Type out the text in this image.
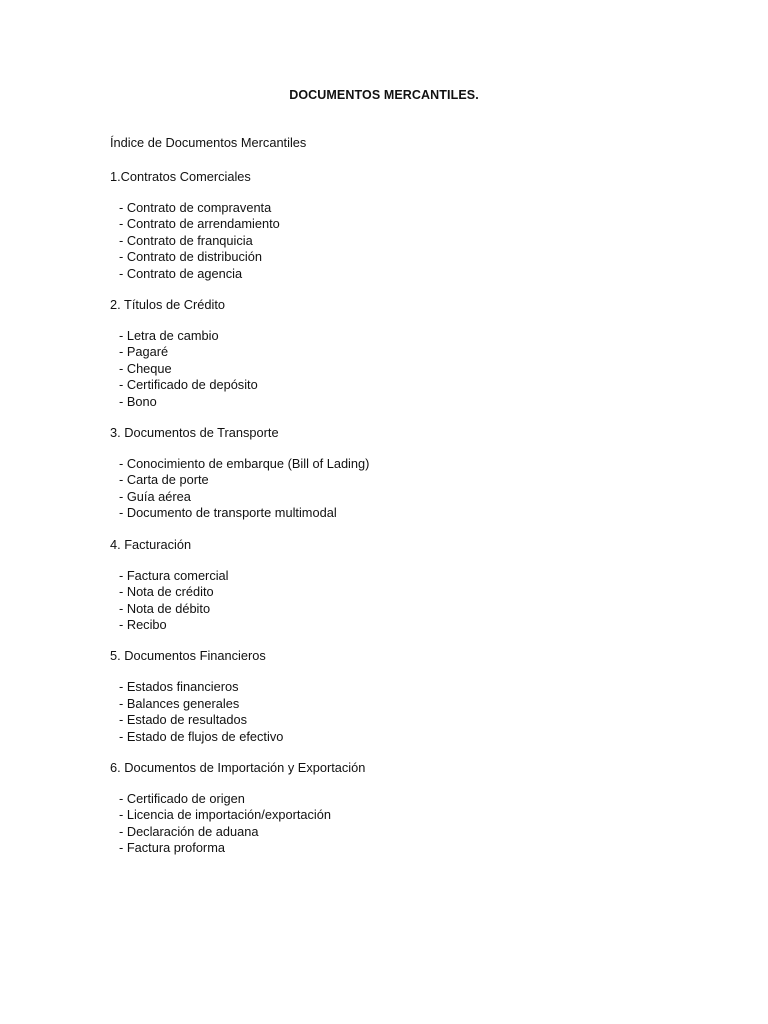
DOCUMENTOS MERCANTILES.
Índice de Documentos Mercantiles
1.Contratos Comerciales
- Contrato de compraventa
- Contrato de arrendamiento
- Contrato de franquicia
- Contrato de distribución
- Contrato de agencia
2. Títulos de Crédito
- Letra de cambio
- Pagaré
- Cheque
- Certificado de depósito
- Bono
3. Documentos de Transporte
- Conocimiento de embarque (Bill of Lading)
- Carta de porte
- Guía aérea
- Documento de transporte multimodal
4. Facturación
- Factura comercial
- Nota de crédito
- Nota de débito
- Recibo
5. Documentos Financieros
- Estados financieros
- Balances generales
- Estado de resultados
- Estado de flujos de efectivo
6. Documentos de Importación y Exportación
- Certificado de origen
- Licencia de importación/exportación
- Declaración de aduana
- Factura proforma
